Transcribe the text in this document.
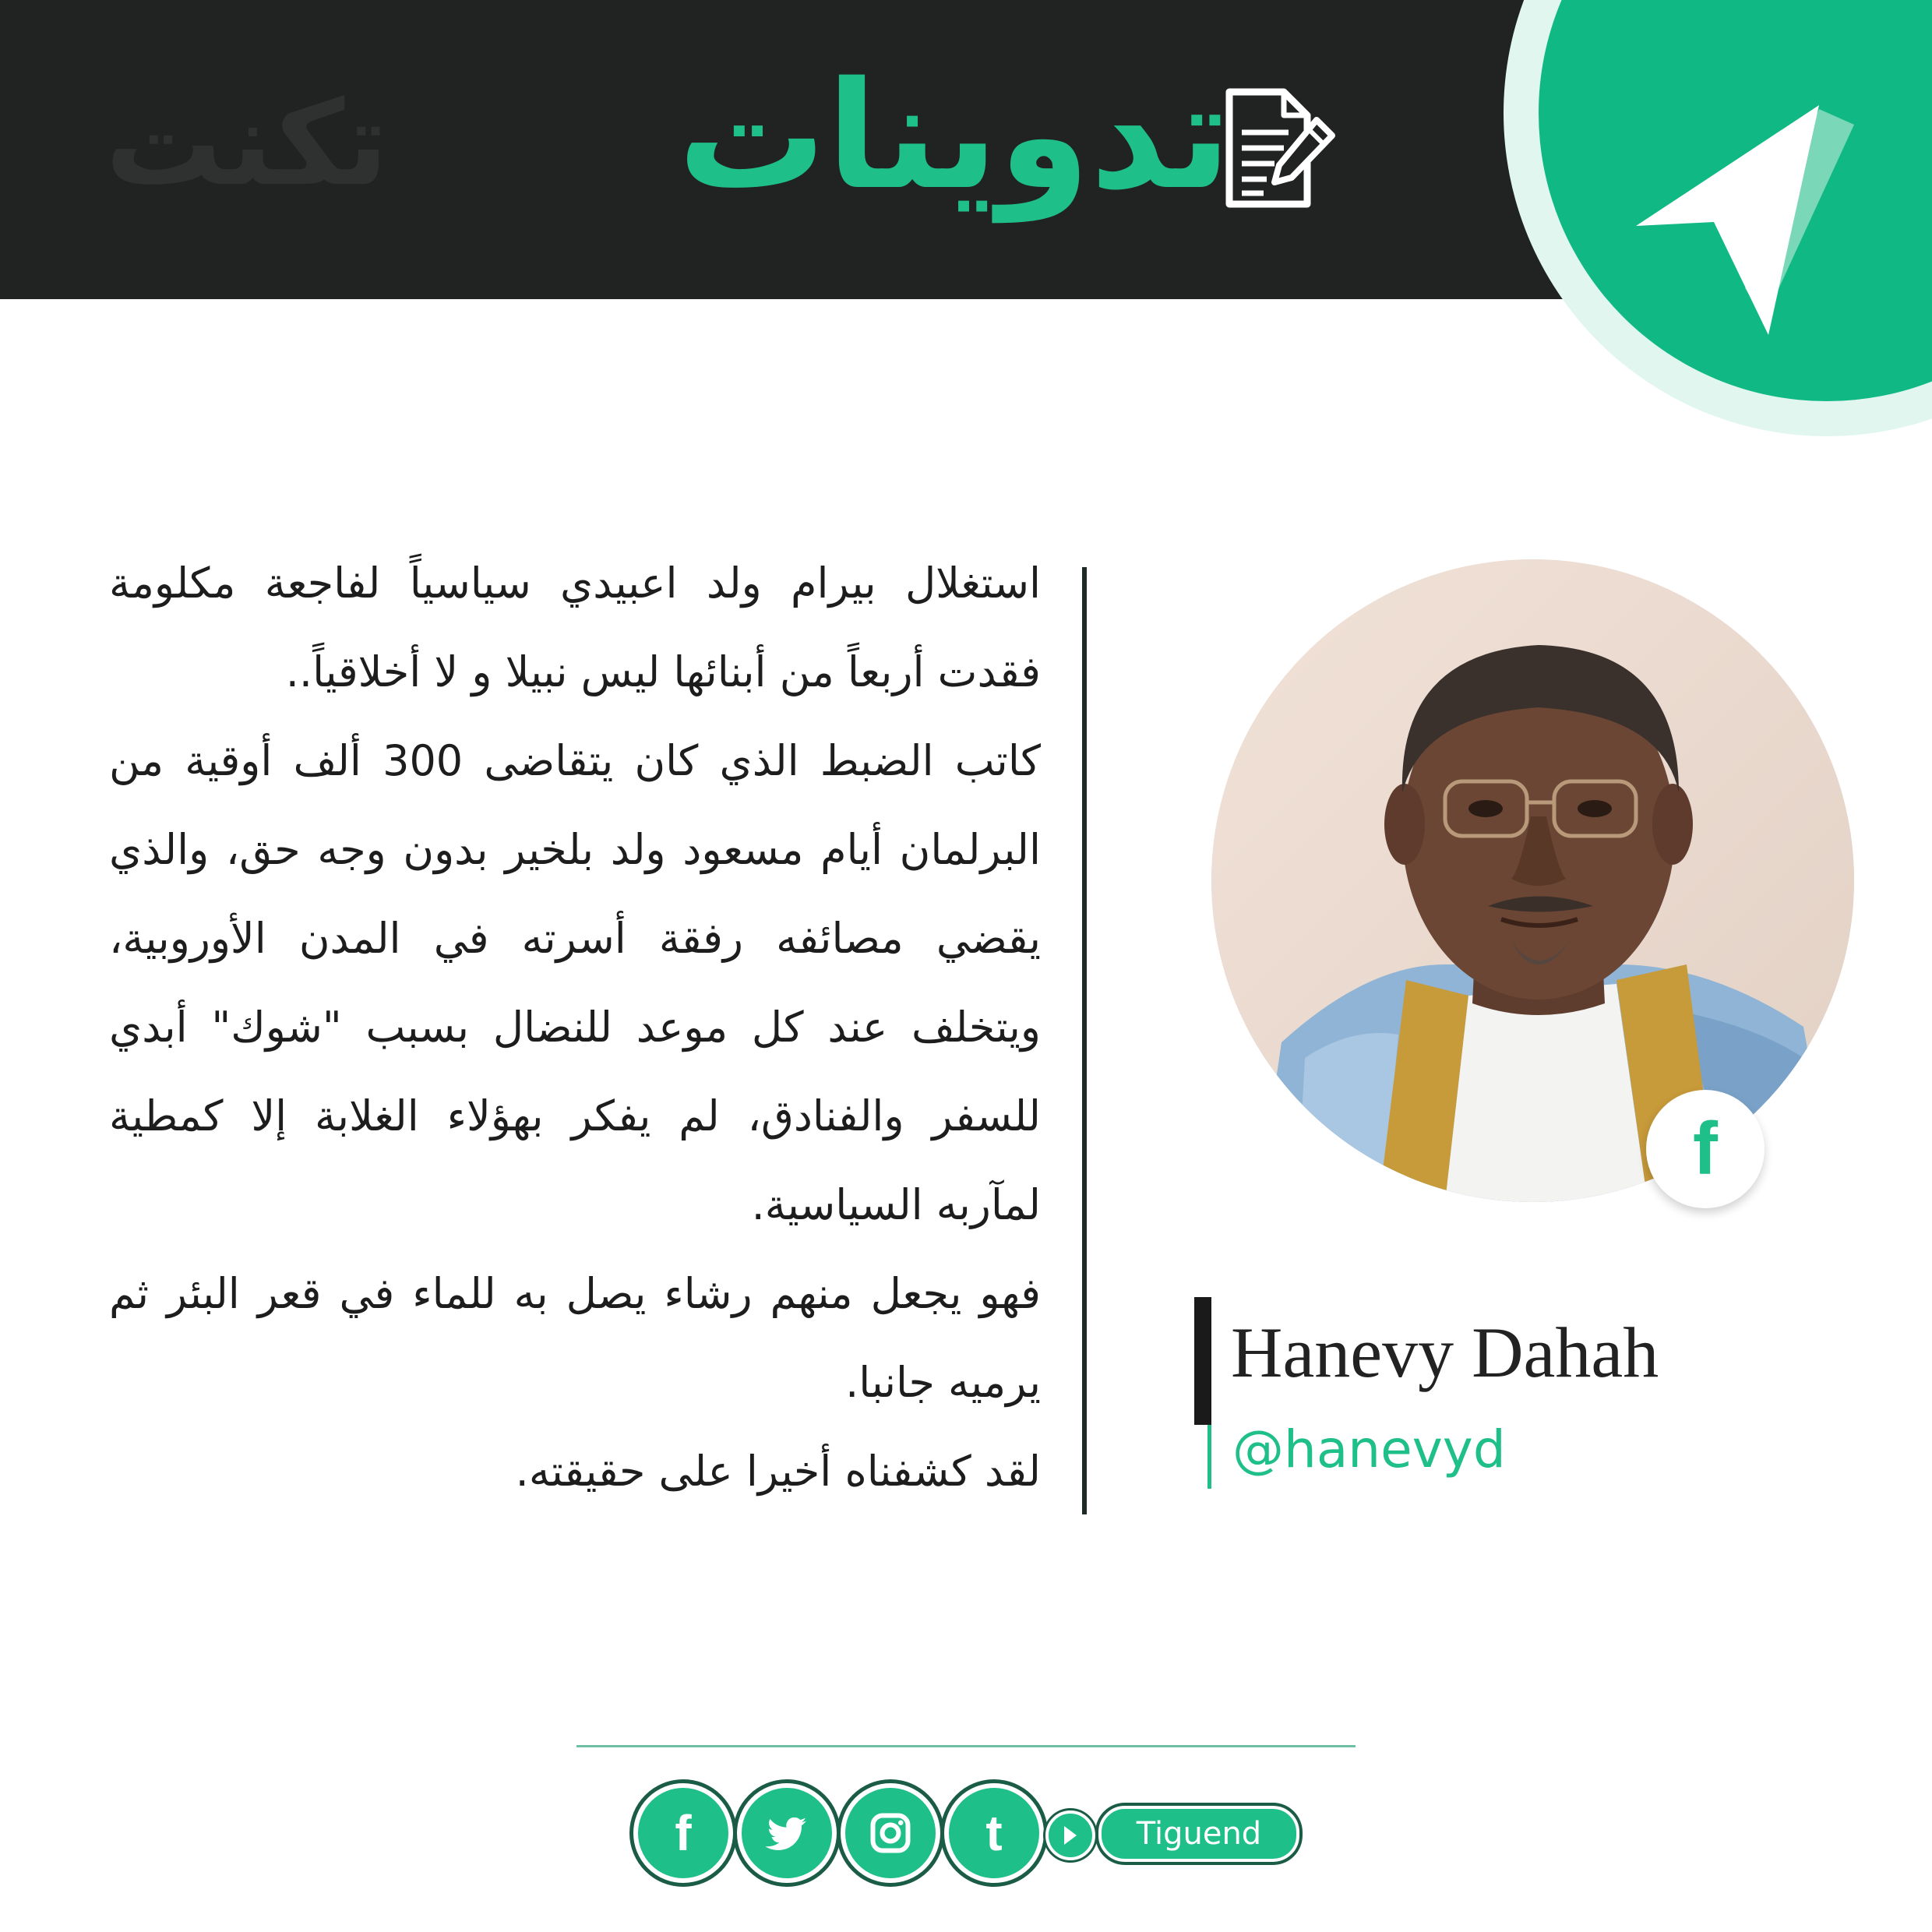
تكنت تدوينات

استغلال بيرام ولد اعبيدي سياسياً لفاجعة مكلومة فقدت أربعاً من أبنائها ليس نبيلا و لا أخلاقياً..

كاتب الضبط الذي كان يتقاضى 300 ألف أوقية من البرلمان أيام مسعود ولد بلخير بدون وجه حق، والذي يقضي مصائفه رفقة أسرته في المدن الأوروبية، ويتخلف عند كل موعد للنضال بسبب "شوك" أبدي للسفر والفنادق، لم يفكر بهؤلاء الغلابة إلا كمطية لمآربه السياسية.

فهو يجعل منهم رشاء يصل به للماء في قعر البئر ثم يرميه جانبا.

لقد كشفناه أخيرا على حقيقته.

f
Hanevy Dahah
@hanevyd
f	t	Tiguend
